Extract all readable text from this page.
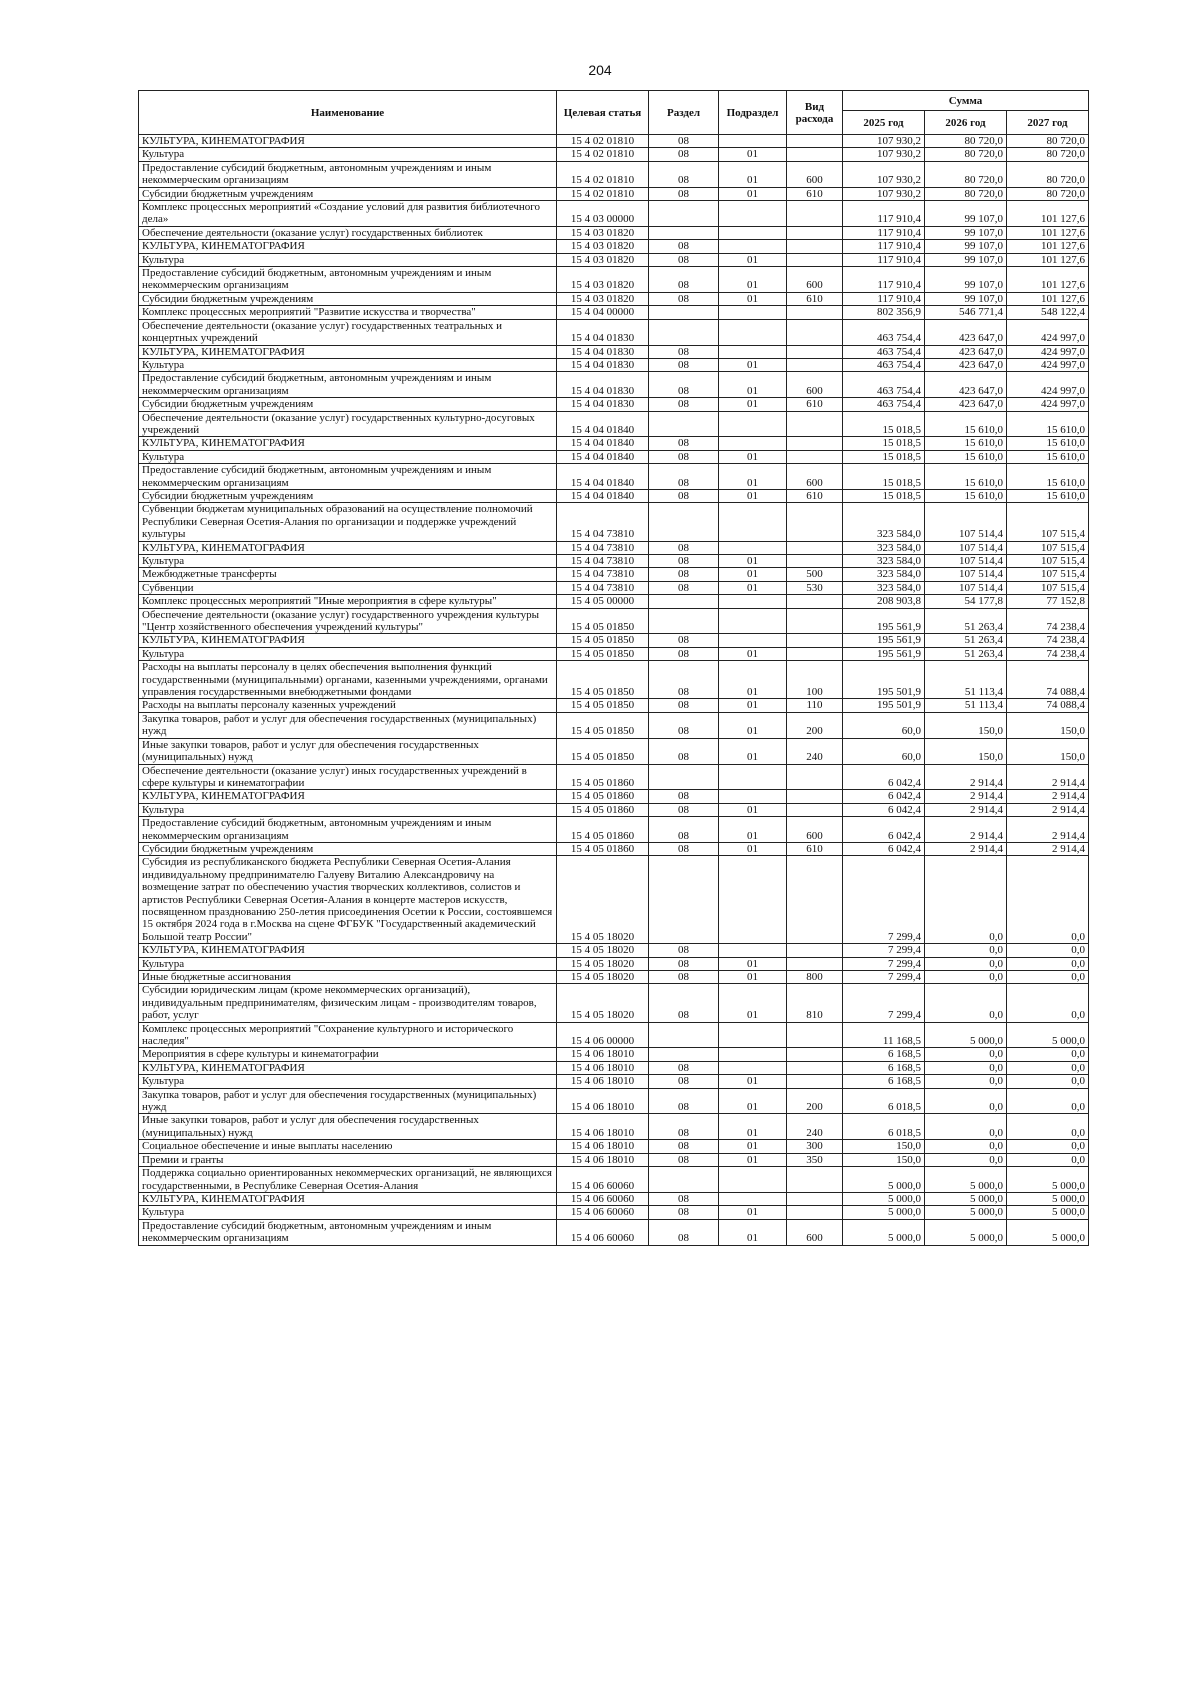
204
Наименование	Целевая статья	Раздел	Подраздел	Вид расхода	Сумма		
					2025 год	2026 год	2027 год
КУЛЬТУРА, КИНЕМАТОГРАФИЯ	15 4 02 01810	08			107 930,2	80 720,0	80 720,0
Культура	15 4 02 01810	08	01		107 930,2	80 720,0	80 720,0
Предоставление субсидий бюджетным, автономным учреждениям и иным некоммерческим организациям	15 4 02 01810	08	01	600	107 930,2	80 720,0	80 720,0
Субсидии бюджетным учреждениям	15 4 02 01810	08	01	610	107 930,2	80 720,0	80 720,0
Комплекс процессных мероприятий «Создание условий для развития библиотечного дела»	15 4 03 00000				117 910,4	99 107,0	101 127,6
Обеспечение деятельности (оказание услуг) государственных библиотек	15 4 03 01820				117 910,4	99 107,0	101 127,6
КУЛЬТУРА, КИНЕМАТОГРАФИЯ	15 4 03 01820	08			117 910,4	99 107,0	101 127,6
Культура	15 4 03 01820	08	01		117 910,4	99 107,0	101 127,6
Предоставление субсидий бюджетным, автономным учреждениям и иным некоммерческим организациям	15 4 03 01820	08	01	600	117 910,4	99 107,0	101 127,6
Субсидии бюджетным учреждениям	15 4 03 01820	08	01	610	117 910,4	99 107,0	101 127,6
Комплекс процессных мероприятий "Развитие искусства и творчества"	15 4 04 00000				802 356,9	546 771,4	548 122,4
Обеспечение деятельности (оказание услуг) государственных театральных и концертных учреждений	15 4 04 01830				463 754,4	423 647,0	424 997,0
КУЛЬТУРА, КИНЕМАТОГРАФИЯ	15 4 04 01830	08			463 754,4	423 647,0	424 997,0
Культура	15 4 04 01830	08	01		463 754,4	423 647,0	424 997,0
Предоставление субсидий бюджетным, автономным учреждениям и иным некоммерческим организациям	15 4 04 01830	08	01	600	463 754,4	423 647,0	424 997,0
Субсидии бюджетным учреждениям	15 4 04 01830	08	01	610	463 754,4	423 647,0	424 997,0
Обеспечение деятельности (оказание услуг) государственных культурно-досуговых учреждений	15 4 04 01840				15 018,5	15 610,0	15 610,0
КУЛЬТУРА, КИНЕМАТОГРАФИЯ	15 4 04 01840	08			15 018,5	15 610,0	15 610,0
Культура	15 4 04 01840	08	01		15 018,5	15 610,0	15 610,0
Предоставление субсидий бюджетным, автономным учреждениям и иным некоммерческим организациям	15 4 04 01840	08	01	600	15 018,5	15 610,0	15 610,0
Субсидии бюджетным учреждениям	15 4 04 01840	08	01	610	15 018,5	15 610,0	15 610,0
Субвенции бюджетам муниципальных образований на осуществление полномочий Республики Северная Осетия-Алания по организации и поддержке учреждений культуры	15 4 04 73810				323 584,0	107 514,4	107 515,4
КУЛЬТУРА, КИНЕМАТОГРАФИЯ	15 4 04 73810	08			323 584,0	107 514,4	107 515,4
Культура	15 4 04 73810	08	01		323 584,0	107 514,4	107 515,4
Межбюджетные трансферты	15 4 04 73810	08	01	500	323 584,0	107 514,4	107 515,4
Субвенции	15 4 04 73810	08	01	530	323 584,0	107 514,4	107 515,4
Комплекс процессных мероприятий "Иные мероприятия в сфере культуры"	15 4 05 00000				208 903,8	54 177,8	77 152,8
Обеспечение деятельности (оказание услуг) государственного учреждения культуры "Центр хозяйственного обеспечения учреждений культуры"	15 4 05 01850				195 561,9	51 263,4	74 238,4
КУЛЬТУРА, КИНЕМАТОГРАФИЯ	15 4 05 01850	08			195 561,9	51 263,4	74 238,4
Культура	15 4 05 01850	08	01		195 561,9	51 263,4	74 238,4
Расходы на выплаты персоналу в целях обеспечения выполнения функций государственными (муниципальными) органами, казенными учреждениями, органами управления государственными внебюджетными фондами	15 4 05 01850	08	01	100	195 501,9	51 113,4	74 088,4
Расходы на выплаты персоналу казенных учреждений	15 4 05 01850	08	01	110	195 501,9	51 113,4	74 088,4
Закупка товаров, работ и услуг для обеспечения государственных (муниципальных) нужд	15 4 05 01850	08	01	200	60,0	150,0	150,0
Иные закупки товаров, работ и услуг для обеспечения государственных (муниципальных) нужд	15 4 05 01850	08	01	240	60,0	150,0	150,0
Обеспечение деятельности (оказание услуг) иных государственных учреждений в сфере культуры и кинематографии	15 4 05 01860				6 042,4	2 914,4	2 914,4
КУЛЬТУРА, КИНЕМАТОГРАФИЯ	15 4 05 01860	08			6 042,4	2 914,4	2 914,4
Культура	15 4 05 01860	08	01		6 042,4	2 914,4	2 914,4
Предоставление субсидий бюджетным, автономным учреждениям и иным некоммерческим организациям	15 4 05 01860	08	01	600	6 042,4	2 914,4	2 914,4
Субсидии бюджетным учреждениям	15 4 05 01860	08	01	610	6 042,4	2 914,4	2 914,4
Субсидия из республиканского бюджета Республики Северная Осетия-Алания индивидуальному предпринимателю Галуеву Виталию Александровичу на возмещение затрат по обеспечению участия творческих коллективов, солистов и артистов Республики Северная Осетия-Алания в концерте мастеров искусств, посвященном празднованию 250-летия присоединения Осетии к России, состоявшемся 15 октября 2024 года в г.Москва на сцене ФГБУК "Государственный академический Большой театр России"	15 4 05 18020				7 299,4	0,0	0,0
КУЛЬТУРА, КИНЕМАТОГРАФИЯ	15 4 05 18020	08			7 299,4	0,0	0,0
Культура	15 4 05 18020	08	01		7 299,4	0,0	0,0
Иные бюджетные ассигнования	15 4 05 18020	08	01	800	7 299,4	0,0	0,0
Субсидии юридическим лицам (кроме некоммерческих организаций), индивидуальным предпринимателям, физическим лицам - производителям товаров, работ, услуг	15 4 05 18020	08	01	810	7 299,4	0,0	0,0
Комплекс процессных мероприятий "Сохранение культурного и исторического наследия"	15 4 06 00000				11 168,5	5 000,0	5 000,0
Мероприятия в сфере культуры и кинематографии	15 4 06 18010				6 168,5	0,0	0,0
КУЛЬТУРА, КИНЕМАТОГРАФИЯ	15 4 06 18010	08			6 168,5	0,0	0,0
Культура	15 4 06 18010	08	01		6 168,5	0,0	0,0
Закупка товаров, работ и услуг для обеспечения государственных (муниципальных) нужд	15 4 06 18010	08	01	200	6 018,5	0,0	0,0
Иные закупки товаров, работ и услуг для обеспечения государственных (муниципальных) нужд	15 4 06 18010	08	01	240	6 018,5	0,0	0,0
Социальное обеспечение и иные выплаты населению	15 4 06 18010	08	01	300	150,0	0,0	0,0
Премии и гранты	15 4 06 18010	08	01	350	150,0	0,0	0,0
Поддержка социально ориентированных некоммерческих организаций, не являющихся государственными, в Республике Северная Осетия-Алания	15 4 06 60060				5 000,0	5 000,0	5 000,0
КУЛЬТУРА, КИНЕМАТОГРАФИЯ	15 4 06 60060	08			5 000,0	5 000,0	5 000,0
Культура	15 4 06 60060	08	01		5 000,0	5 000,0	5 000,0
Предоставление субсидий бюджетным, автономным учреждениям и иным некоммерческим организациям	15 4 06 60060	08	01	600	5 000,0	5 000,0	5 000,0
